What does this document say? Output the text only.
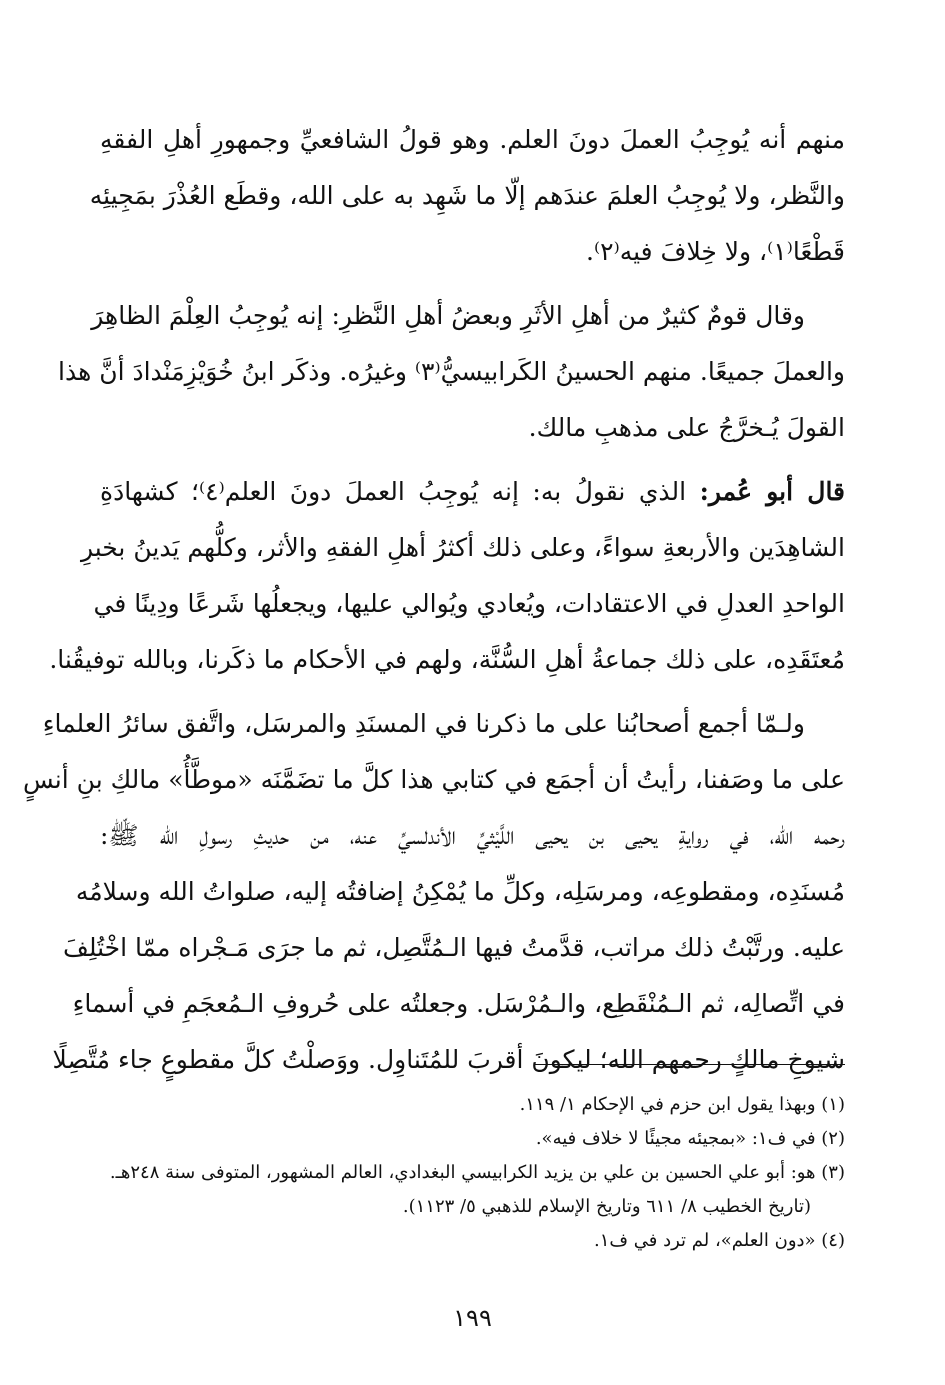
منهم أنه يُوجِبُ العملَ دونَ العلم. وهو قولُ الشافعيِّ وجمهورِ أهلِ الفقهِ
والنَّظر، ولا يُوجِبُ العلمَ عندَهم إلّا ما شَهِد به على الله، وقطَع العُذْرَ بمَجِيئِه
قَطْعًا⁽١⁾، ولا خِلافَ فيه⁽٢⁾.
وقال قومٌ كثيرٌ من أهلِ الأثَرِ وبعضُ أهلِ النَّظرِ: إنه يُوجِبُ العِلْمَ الظاهِرَ
والعملَ جميعًا. منهم الحسينُ الكَرابيسيُّ⁽٣⁾ وغيرُه. وذكَر ابنُ خُوَيْزِمَنْدادَ أنَّ هذا
القولَ يُـخرَّجُ على مذهبِ مالك.
قال أبو عُمر: الذي نقولُ به: إنه يُوجِبُ العملَ دونَ العلم⁽٤⁾؛ كشهادَةِ
الشاهِدَين والأربعةِ سواءً، وعلى ذلك أكثرُ أهلِ الفقهِ والأثر، وكلُّهم يَدينُ بخبرِ
الواحدِ العدلِ في الاعتقادات، ويُعادي ويُوالي عليها، ويجعلُها شَرعًا ودِينًا في
مُعتَقَدِه، على ذلك جماعةُ أهلِ السُّنَّة، ولهم في الأحكام ما ذكَرنا، وبالله توفيقُنا.
ولـمّا أجمع أصحابُنا على ما ذكرنا في المسنَدِ والمرسَل، واتَّفق سائرُ العلماءِ
على ما وصَفنا، رأيتُ أن أجمَع في كتابي هذا كلَّ ما تضَمَّنَه «موطَّأُ» مالكِ بنِ أنسٍ
رحمه الله، في روايةِ يحيى بن يحيى اللَّيْثيِّ الأندلسيِّ عنه، من حديثِ رسولِ الله ﷺ:
مُسنَدِه، ومقطوعِه، ومرسَلِه، وكلِّ ما يُمْكِنُ إضافتُه إليه، صلواتُ الله وسلامُه
عليه. ورتَّبْتُ ذلك مراتب، قدَّمتُ فيها الـمُتَّصِل، ثم ما جرَى مَـجْراه ممّا اخْتُلِفَ
في اتِّصالِه، ثم الـمُنْقَطِع، والـمُرْسَل. وجعلتُه على حُروفِ الـمُعجَمِ في أسماءِ
شيوخِ مالكٍ رحمهم الله؛ ليكونَ أقربَ للمُتَناوِل. ووَصلْتُ كلَّ مقطوعٍ جاء مُتَّصِلًا
(١) وبهذا يقول ابن حزم في الإحكام ١/ ١١٩.
(٢) في ف١: «بمجيئه مجيئًا لا خلاف فيه».
(٣) هو: أبو علي الحسين بن علي بن يزيد الكرابيسي البغدادي، العالم المشهور، المتوفى سنة ٢٤٨هـ.
(تاريخ الخطيب ٨/ ٦١١ وتاريخ الإسلام للذهبي ٥/ ١١٢٣).
(٤) «دون العلم»، لم ترد في ف١.
١٩٩
